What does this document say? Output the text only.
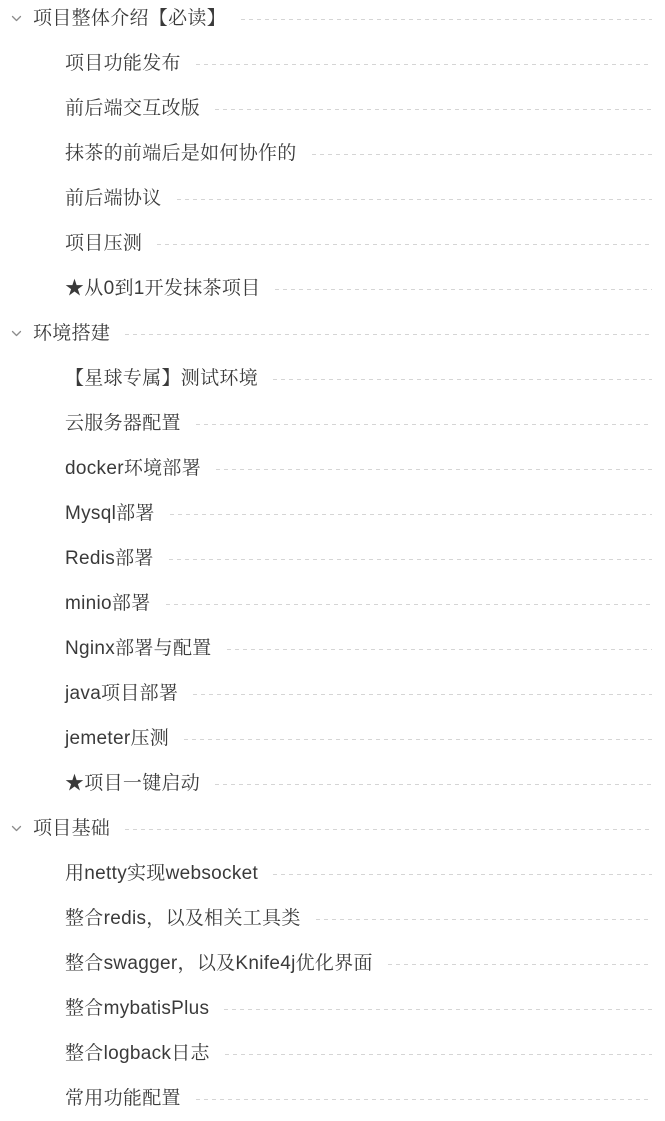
项目整体介绍【必读】
项目功能发布
前后端交互改版
抹茶的前端后是如何协作的
前后端协议
项目压测
★从0到1开发抹茶项目
环境搭建
【星球专属】测试环境
云服务器配置
docker环境部署
Mysql部署
Redis部署
minio部署
Nginx部署与配置
java项目部署
jemeter压测
★项目一键启动
项目基础
用netty实现websocket
整合redis，以及相关工具类
整合swagger，以及Knife4j优化界面
整合mybatisPlus
整合logback日志
常用功能配置
